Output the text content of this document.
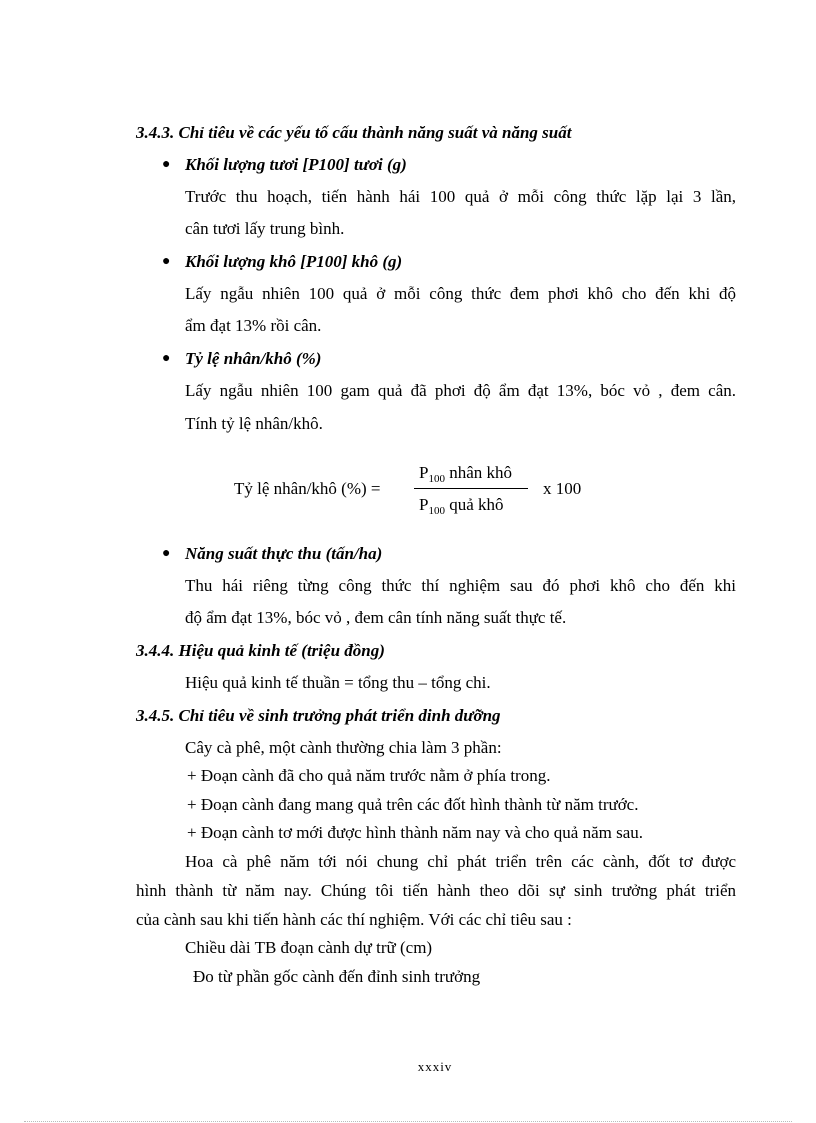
3.4.3. Chỉ tiêu về các yếu tố cấu thành năng suất và năng suất
● Khối lượng tươi [P100] tươi (g)
Trước thu hoạch, tiến hành hái 100 quả ở mỗi công thức lặp lại 3 lần,
cân tươi lấy trung bình.
● Khối lượng khô [P100] khô (g)
Lấy ngẫu nhiên 100 quả ở mỗi công thức đem phơi khô cho đến khi độ
ẩm đạt 13% rồi cân.
● Tỷ lệ nhân/khô (%)
Lấy ngẫu nhiên 100 gam quả đã phơi độ ẩm đạt 13%, bóc vỏ , đem cân.
Tính tỷ lệ nhân/khô.
Tỷ lệ nhân/khô (%) =
$P_{100}$ nhân khô
$P_{100}$ quả khô
x 100
● Năng suất thực thu (tấn/ha)
Thu hái riêng từng công thức thí nghiệm sau đó phơi khô cho đến khi
độ ẩm đạt 13%, bóc vỏ , đem cân tính năng suất thực tế.
3.4.4. Hiệu quả kinh tế (triệu đồng)
Hiệu quả kinh tế thuần = tổng thu – tổng chi.
3.4.5. Chỉ tiêu về sinh trưởng phát triển dinh dưỡng
Cây cà phê, một cành thường chia làm 3 phần:
+ Đoạn cành đã cho quả năm trước nằm ở phía trong.
+ Đoạn cành đang mang quả trên các đốt hình thành từ năm trước.
+ Đoạn cành tơ mới được hình thành năm nay và cho quả năm sau.
Hoa cà phê năm tới nói chung chỉ phát triển trên các cành, đốt tơ được
hình thành từ năm nay. Chúng tôi tiến hành theo dõi sự sinh trưởng phát triển
của cành sau khi tiến hành các thí nghiệm. Với các chỉ tiêu sau :
Chiều dài TB đoạn cành dự trữ (cm)
Đo từ phần gốc cành đến đỉnh sinh trưởng
xxxiv
